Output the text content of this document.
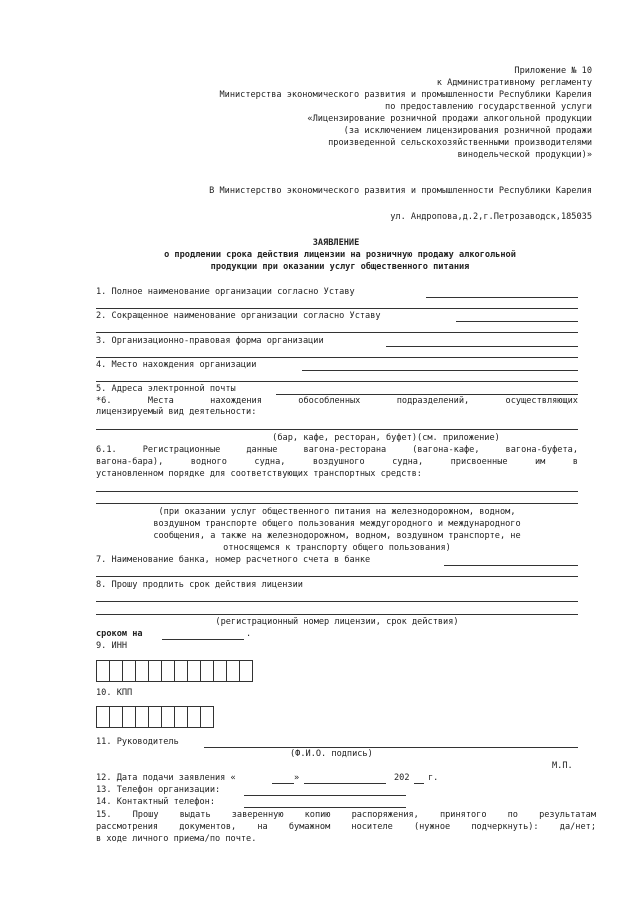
Приложение № 10
к Административному регламенту
Министерства экономического развития и промышленности Республики Карелия
по предоставлению государственной услуги
«Лицензирование розничной продажи алкогольной продукции
(за исключением лицензирования розничной продажи
произведенной сельскохозяйственными производителями
винодельческой продукции)»
В Министерство экономического развития и промышленности Республики Карелия
ул. Андропова,д.2,г.Петрозаводск,185035
ЗАЯВЛЕНИЕ
о продлении срока действия лицензии на розничную продажу алкогольной
продукции при оказании услуг общественного питания
1. Полное наименование организации согласно Уставу
2. Сокращенное наименование организации согласно Уставу
3. Организационно-правовая форма организации
4. Место нахождения организации
5. Адреса электронной почты
*6. Места нахождения обособленных подразделений, осуществляющих
лицензируемый вид деятельности:
(бар, кафе, ресторан, буфет)(см. приложение)
6.1. Регистрационные данные вагона-ресторана (вагона-кафе, вагона-буфета,
вагона-бара), водного судна, воздушного судна, присвоенные им в
установленном порядке для соответствующих транспортных средств:
(при оказании услуг общественного питания на железнодорожном, водном,
воздушном транспорте общего пользования междугородного и международного
сообщения, а также на железнодорожном, водном, воздушном транспорте, не
относящемся к транспорту общего пользования)
7. Наименование банка, номер расчетного счета в банке
8. Прошу продлить срок действия лицензии
(регистрационный номер лицензии, срок действия)
сроком на	.
9. ИНН
10. КПП
11. Руководитель
(Ф.И.О. подпись)
М.П.
12. Дата подачи заявления «	»	202 г.
13. Телефон организации:
14. Контактный телефон:
15. Прошу выдать заверенную копию распоряжения, принятого по результатам
рассмотрения документов, на бумажном носителе (нужное подчеркнуть): да/нет;
в ходе личного приема/по почте.
